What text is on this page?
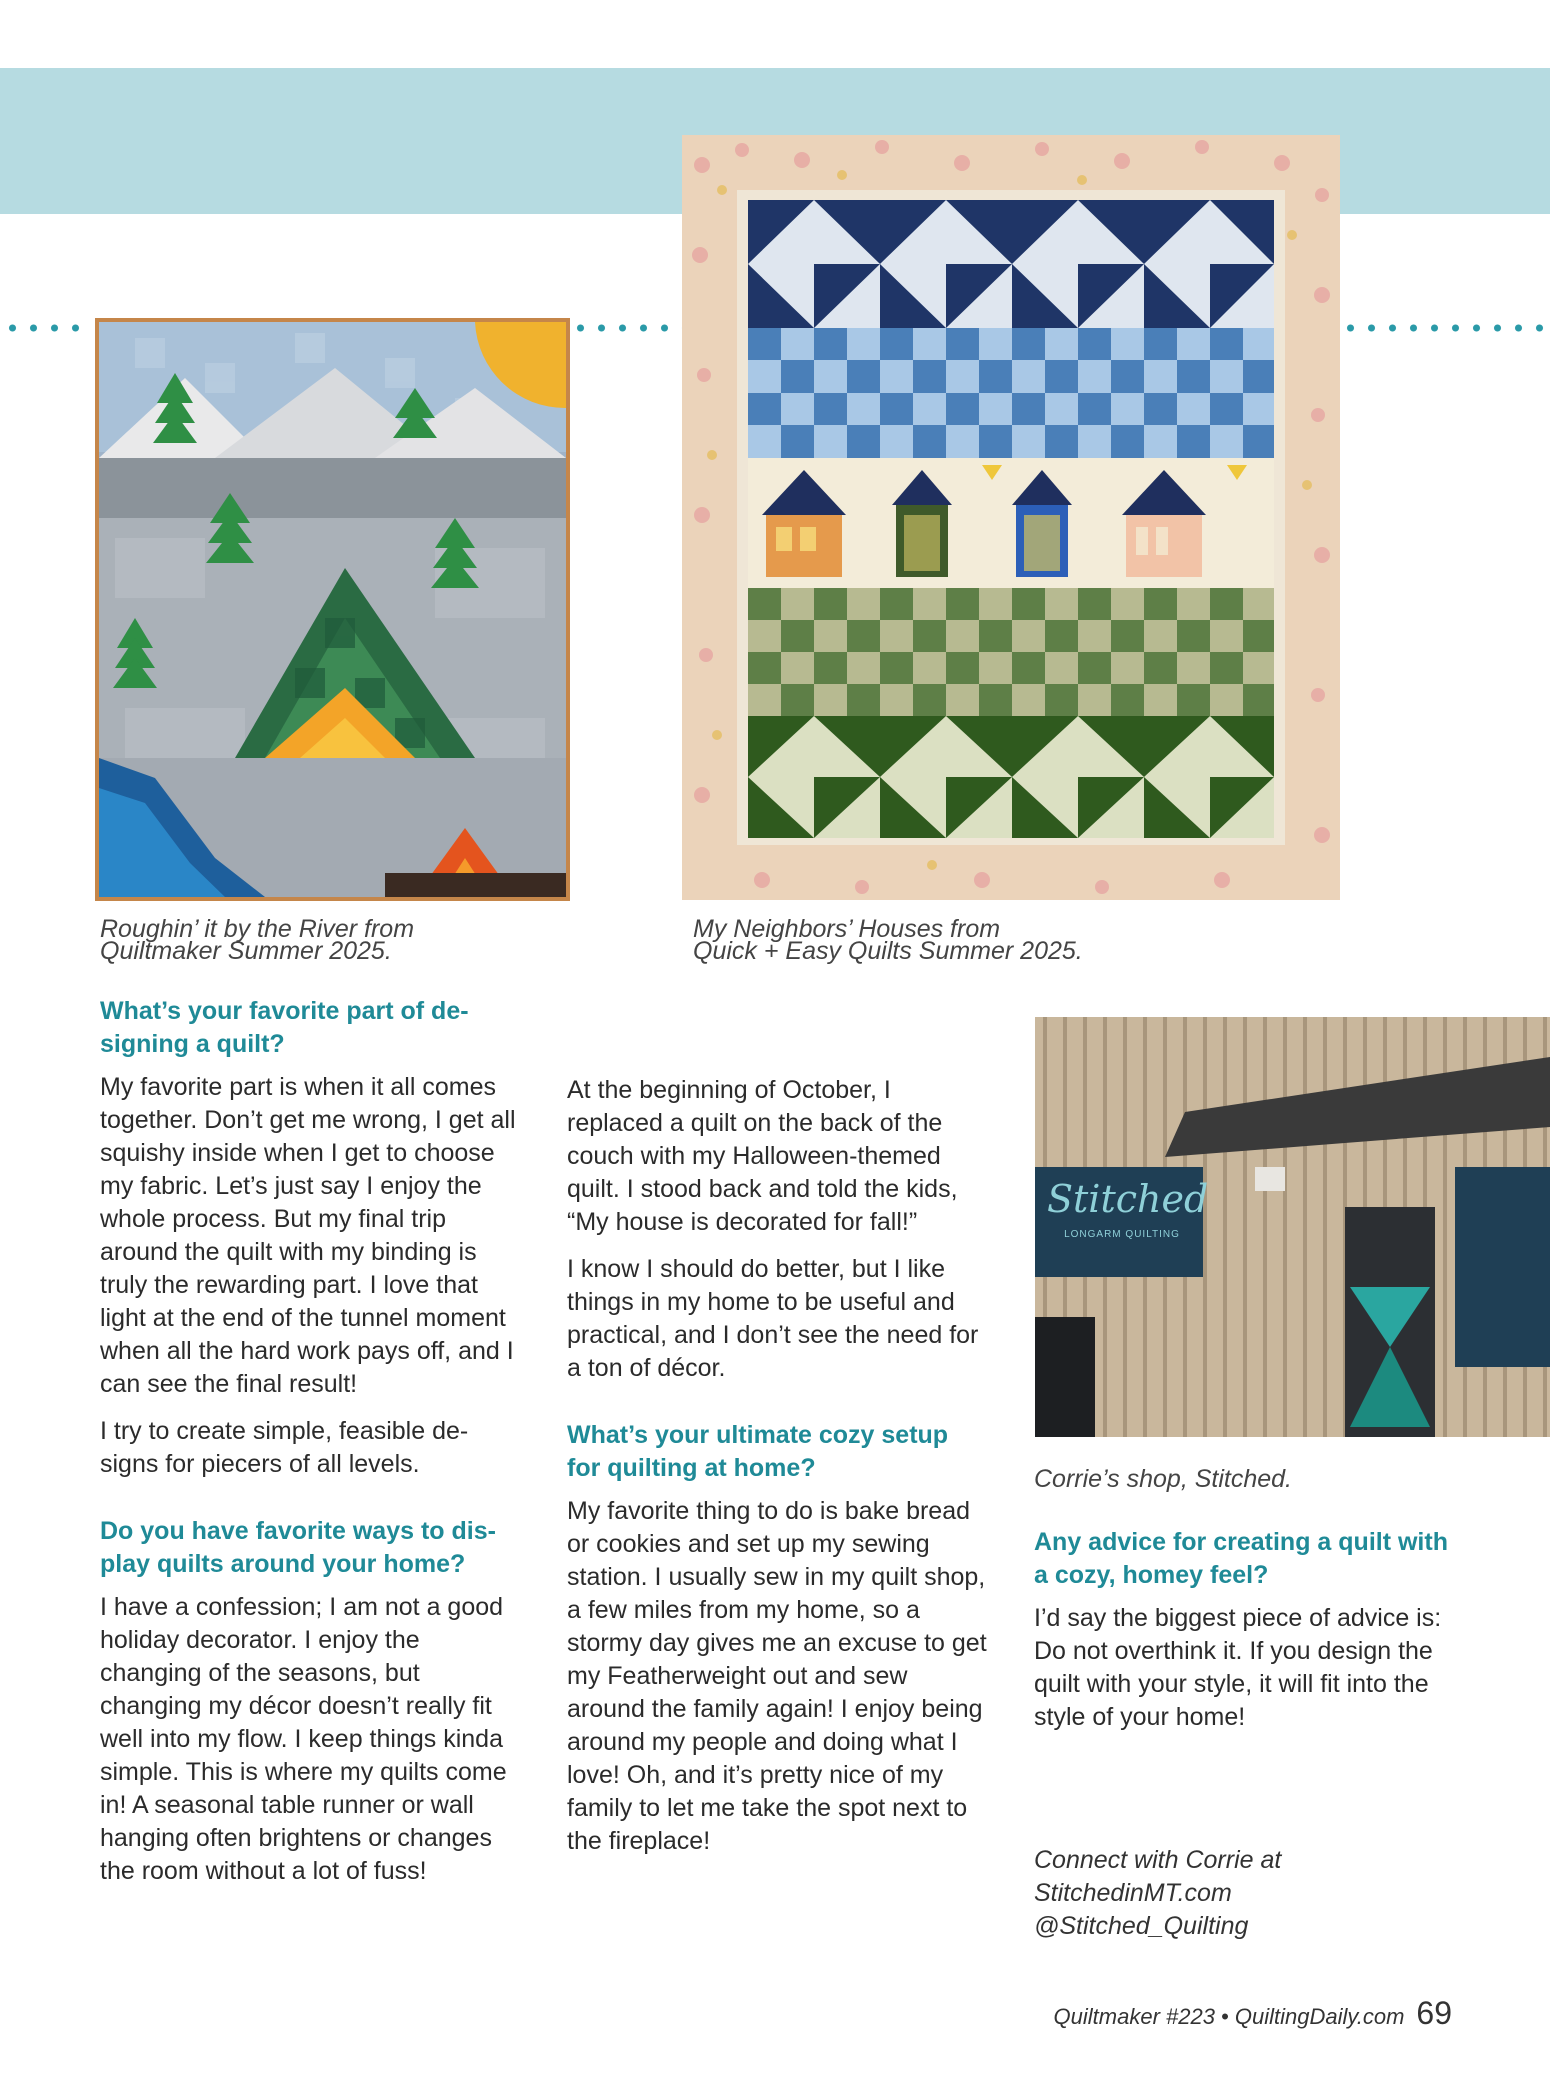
Roughin’ it by the River from
Quiltmaker Summer 2025.
My Neighbors’ Houses from
Quick + Easy Quilts Summer 2025.
Stitched
LONGARM QUILTING
Corrie’s shop, Stitched.
What’s your favorite part of de-signing a quilt?

My favorite part is when it all comes together. Don’t get me wrong, I get all squishy inside when I get to choose my fabric. Let’s just say I enjoy the whole process. But my final trip around the quilt with my binding is truly the rewarding part. I love that light at the end of the tunnel moment when all the hard work pays off, and I can see the final result!

I try to create simple, feasible de-signs for piecers of all levels.

Do you have favorite ways to dis-play quilts around your home?

I have a confession; I am not a good holiday decorator. I enjoy the changing of the seasons, but changing my décor doesn’t really fit well into my flow. I keep things kinda simple. This is where my quilts come in! A seasonal table runner or wall hanging often brightens or changes the room without a lot of fuss!

At the beginning of October, I replaced a quilt on the back of the couch with my Halloween-themed quilt. I stood back and told the kids, “My house is decorated for fall!”

I know I should do better, but I like things in my home to be useful and practical, and I don’t see the need for a ton of décor.

What’s your ultimate cozy setup for quilting at home?

My favorite thing to do is bake bread or cookies and set up my sewing station. I usually sew in my quilt shop, a few miles from my home, so a stormy day gives me an excuse to get my Featherweight out and sew around the family again! I enjoy being around my people and doing what I love! Oh, and it’s pretty nice of my family to let me take the spot next to the fireplace!

Any advice for creating a quilt with a cozy, homey feel?

I’d say the biggest piece of advice is: Do not overthink it. If you design the quilt with your style, it will fit into the style of your home!

Connect with Corrie at
StitchedinMT.com
@Stitched_Quilting
Quiltmaker #223 • QuiltingDaily.com 69
